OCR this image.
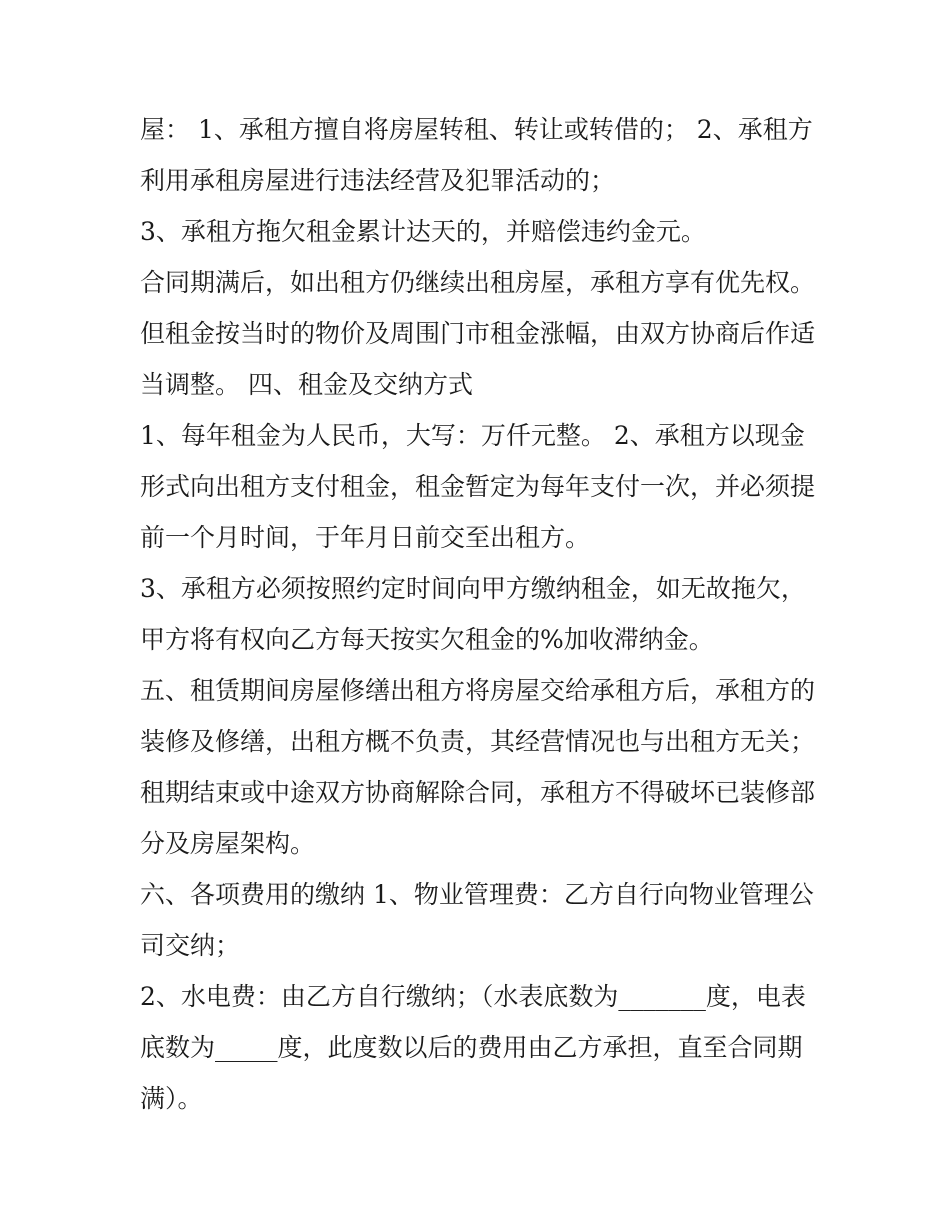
屋： 1、承租方擅自将房屋转租、转让或转借的； 2、承租方
利用承租房屋进行违法经营及犯罪活动的；
3、承租方拖欠租金累计达天的，并赔偿违约金元。
合同期满后，如出租方仍继续出租房屋，承租方享有优先权。
但租金按当时的物价及周围门市租金涨幅，由双方协商后作适
当调整。 四、租金及交纳方式
1、每年租金为人民币，大写：万仟元整。 2、承租方以现金
形式向出租方支付租金，租金暂定为每年支付一次，并必须提
前一个月时间，于年月日前交至出租方。
3、承租方必须按照约定时间向甲方缴纳租金，如无故拖欠，
甲方将有权向乙方每天按实欠租金的%加收滞纳金。
五、租赁期间房屋修缮出租方将房屋交给承租方后，承租方的
装修及修缮，出租方概不负责，其经营情况也与出租方无关；
租期结束或中途双方协商解除合同，承租方不得破坏已装修部
分及房屋架构。
六、各项费用的缴纳 1、物业管理费：乙方自行向物业管理公
司交纳；
2、水电费：由乙方自行缴纳；（水表底数为_______度，电表
底数为_____度，此度数以后的费用由乙方承担，直至合同期
满）。
